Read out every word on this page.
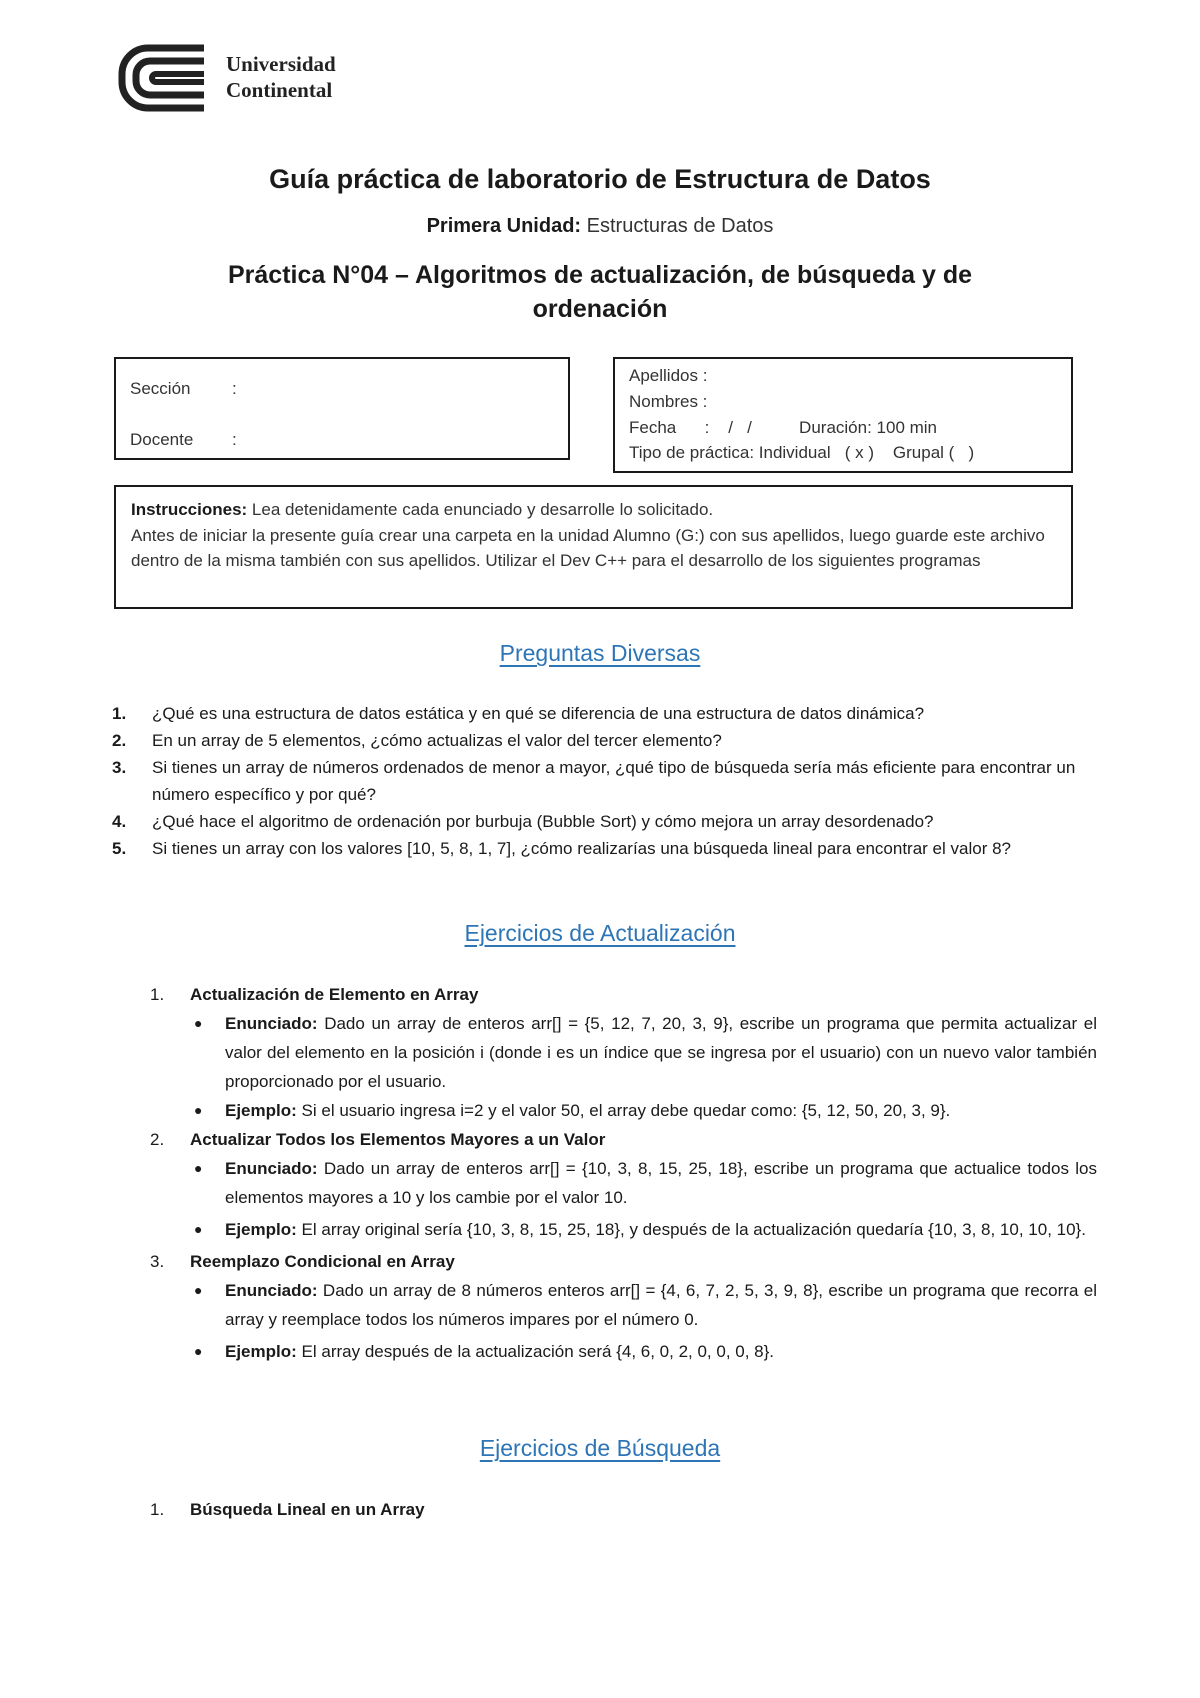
Universidad
Continental
Guía práctica de laboratorio de Estructura de Datos
Primera Unidad: Estructuras de Datos
Práctica N°04 – Algoritmos de actualización, de búsqueda y de
ordenación
Sección :
Docente :
Apellidos :
Nombres :
Fecha      :    /   /          Duración: 100 min
Tipo de práctica: Individual   ( x )    Grupal (   )
Instrucciones: Lea detenidamente cada enunciado y desarrolle lo solicitado.
Antes de iniciar la presente guía crear una carpeta en la unidad Alumno (G:) con sus apellidos, luego guarde este archivo dentro de la misma también con sus apellidos. Utilizar el Dev C++ para el desarrollo de los siguientes programas
Preguntas Diversas
1. ¿Qué es una estructura de datos estática y en qué se diferencia de una estructura de datos dinámica?
2. En un array de 5 elementos, ¿cómo actualizas el valor del tercer elemento?
3. Si tienes un array de números ordenados de menor a mayor, ¿qué tipo de búsqueda sería más eficiente para encontrar un número específico y por qué?
4. ¿Qué hace el algoritmo de ordenación por burbuja (Bubble Sort) y cómo mejora un array desordenado?
5. Si tienes un array con los valores [10, 5, 8, 1, 7], ¿cómo realizarías una búsqueda lineal para encontrar el valor 8?
Ejercicios de Actualización
1. Actualización de Elemento en Array
● Enunciado: Dado un array de enteros arr[] = {5, 12, 7, 20, 3, 9}, escribe un programa que permita actualizar el valor del elemento en la posición i (donde i es un índice que se ingresa por el usuario) con un nuevo valor también proporcionado por el usuario.
● Ejemplo: Si el usuario ingresa i=2 y el valor 50, el array debe quedar como: {5, 12, 50, 20, 3, 9}.
2. Actualizar Todos los Elementos Mayores a un Valor
● Enunciado: Dado un array de enteros arr[] = {10, 3, 8, 15, 25, 18}, escribe un programa que actualice todos los elementos mayores a 10 y los cambie por el valor 10.
● Ejemplo: El array original sería {10, 3, 8, 15, 25, 18}, y después de la actualización quedaría {10, 3, 8, 10, 10, 10}.
3. Reemplazo Condicional en Array
● Enunciado: Dado un array de 8 números enteros arr[] = {4, 6, 7, 2, 5, 3, 9, 8}, escribe un programa que recorra el array y reemplace todos los números impares por el número 0.
● Ejemplo: El array después de la actualización será {4, 6, 0, 2, 0, 0, 0, 8}.
Ejercicios de Búsqueda
1. Búsqueda Lineal en un Array
